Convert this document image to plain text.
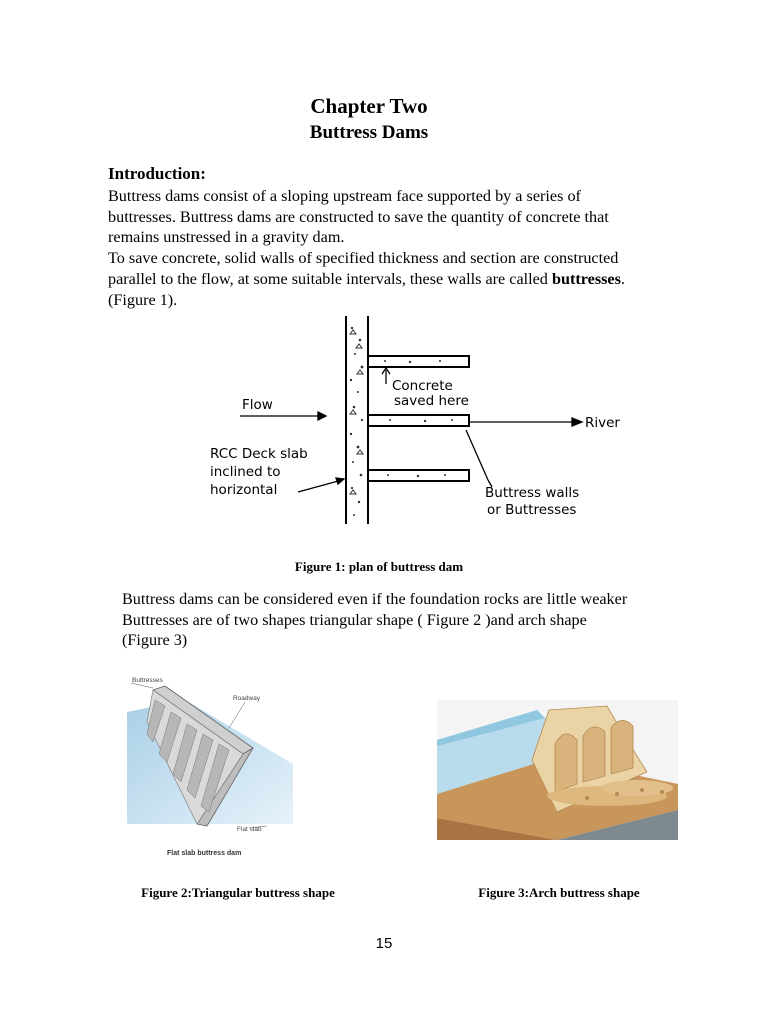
Chapter Two
Buttress Dams
Introduction:
Buttress dams consist of a sloping upstream face supported by a series of
buttresses. Buttress dams are constructed to save the quantity of concrete that
remains unstressed in a gravity dam.
To save concrete, solid walls of specified thickness and section are constructed
parallel to the flow, at some suitable intervals, these walls are called buttresses.
(Figure 1).
Concrete
saved here
Flow
River
RCC Deck slab
inclined to
horizontal	Buttress walls
or Buttresses
Figure 1: plan of buttress dam
Buttress dams can be considered even if the foundation rocks are little weaker
Buttresses are of two shapes triangular shape ( Figure 2 )and arch shape
(Figure 3)
Buttresses
Roadway
Flat slab
Flat slab buttress dam
Figure 2:Triangular buttress shape	Figure 3:Arch buttress shape
15
